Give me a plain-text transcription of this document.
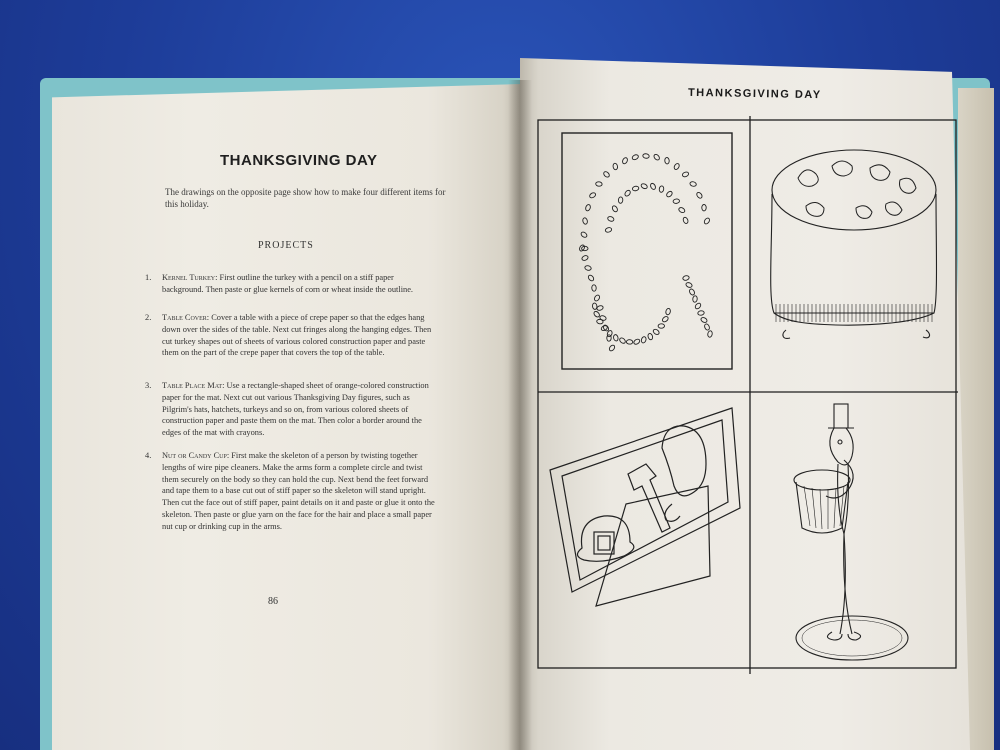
THANKSGIVING DAY
The drawings on the opposite page show how to make four different items for this holiday.
PROJECTS
1. Kernel Turkey: First outline the turkey with a pencil on a stiff paper background. Then paste or glue kernels of corn or wheat inside the outline.
2. Table Cover: Cover a table with a piece of crepe paper so that the edges hang down over the sides of the table. Next cut fringes along the hanging edges. Then cut turkey shapes out of sheets of various colored construction paper and paste them on the part of the crepe paper that covers the top of the table.
3. Table Place Mat: Use a rectangle-shaped sheet of orange-colored construction paper for the mat. Next cut out various Thanksgiving Day figures, such as Pilgrim's hats, hatchets, turkeys and so on, from various colored sheets of construction paper and paste them on the mat. Then color a border around the edges of the mat with crayons.
4. Nut or Candy Cup: First make the skeleton of a person by twisting together lengths of wire pipe cleaners. Make the arms form a complete circle and twist them securely on the body so they can hold the cup. Next bend the feet forward and tape them to a base cut out of stiff paper so the skeleton will stand upright. Then cut the face out of stiff paper, paint details on it and paste or glue it onto the skeleton. Then paste or glue yarn on the face for the hair and place a small paper nut cup or drinking cup in the arms.
86
THANKSGIVING DAY
